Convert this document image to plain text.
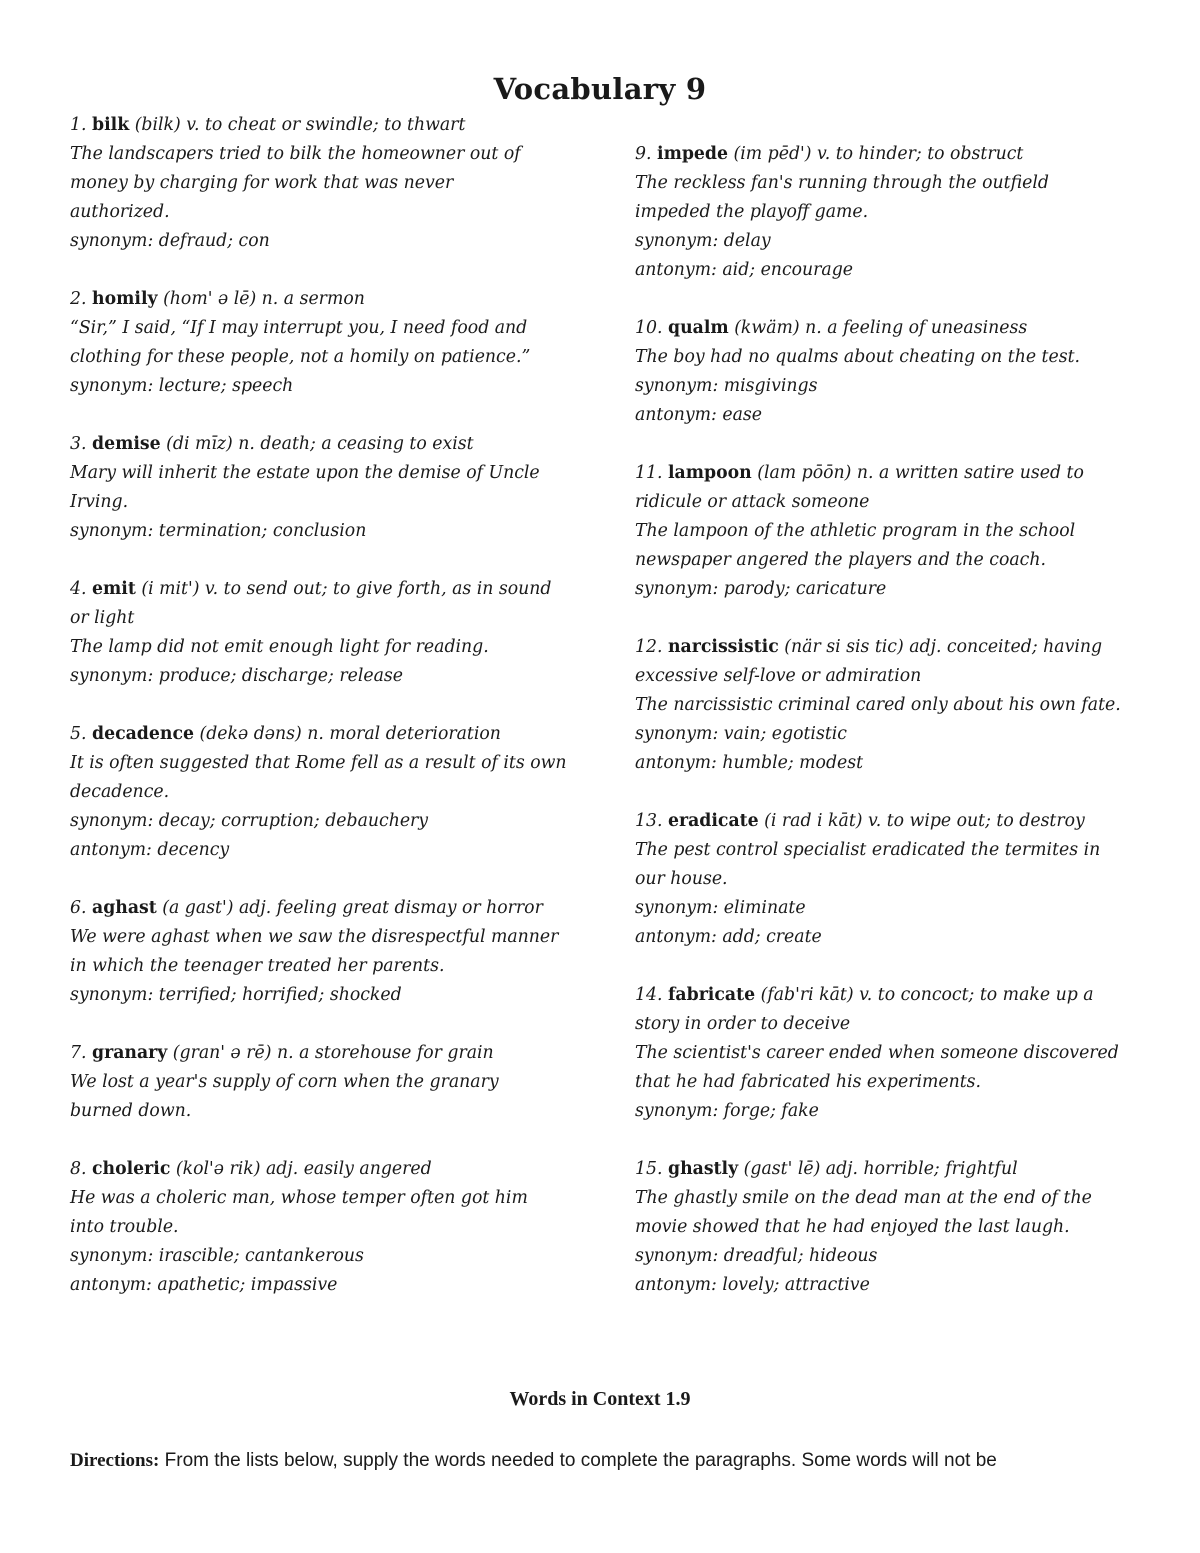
Vocabulary 9
1. bilk (bilk) v. to cheat or swindle; to thwart
The landscapers tried to bilk the homeowner out of
money by charging for work that was never
authorized.
synonym: defraud; con
2. homily (hom' ə lē) n. a sermon
“Sir,” I said, “If I may interrupt you, I need food and
clothing for these people, not a homily on patience.”
synonym: lecture; speech
3. demise (di mīz) n. death; a ceasing to exist
Mary will inherit the estate upon the demise of Uncle
Irving.
synonym: termination; conclusion
4. emit (i mit') v. to send out; to give forth, as in sound
or light
The lamp did not emit enough light for reading.
synonym: produce; discharge; release
5. decadence (dekə dəns) n. moral deterioration
It is often suggested that Rome fell as a result of its own
decadence.
synonym: decay; corruption; debauchery
antonym: decency
6. aghast (a gast') adj. feeling great dismay or horror
We were aghast when we saw the disrespectful manner
in which the teenager treated her parents.
synonym: terrified; horrified; shocked
7. granary (gran' ə rē) n. a storehouse for grain
We lost a year's supply of corn when the granary
burned down.
8. choleric (kol'ə rik) adj. easily angered
He was a choleric man, whose temper often got him
into trouble.
synonym: irascible; cantankerous
antonym: apathetic; impassive
9. impede (im pēd') v. to hinder; to obstruct
The reckless fan's running through the outfield
impeded the playoff game.
synonym: delay
antonym: aid; encourage
10. qualm (kwäm) n. a feeling of uneasiness
The boy had no qualms about cheating on the test.
synonym: misgivings
antonym: ease
11. lampoon (lam pōōn) n. a written satire used to
ridicule or attack someone
The lampoon of the athletic program in the school
newspaper angered the players and the coach.
synonym: parody; caricature
12. narcissistic (när si sis tic) adj. conceited; having
excessive self-love or admiration
The narcissistic criminal cared only about his own fate.
synonym: vain; egotistic
antonym: humble; modest
13. eradicate (i rad i kāt) v. to wipe out; to destroy
The pest control specialist eradicated the termites in
our house.
synonym: eliminate
antonym: add; create
14. fabricate (fab'ri kāt) v. to concoct; to make up a
story in order to deceive
The scientist's career ended when someone discovered
that he had fabricated his experiments.
synonym: forge; fake
15. ghastly (gast' lē) adj. horrible; frightful
The ghastly smile on the dead man at the end of the
movie showed that he had enjoyed the last laugh.
synonym: dreadful; hideous
antonym: lovely; attractive
Words in Context 1.9
Directions: From the lists below, supply the words needed to complete the paragraphs. Some words will not be
